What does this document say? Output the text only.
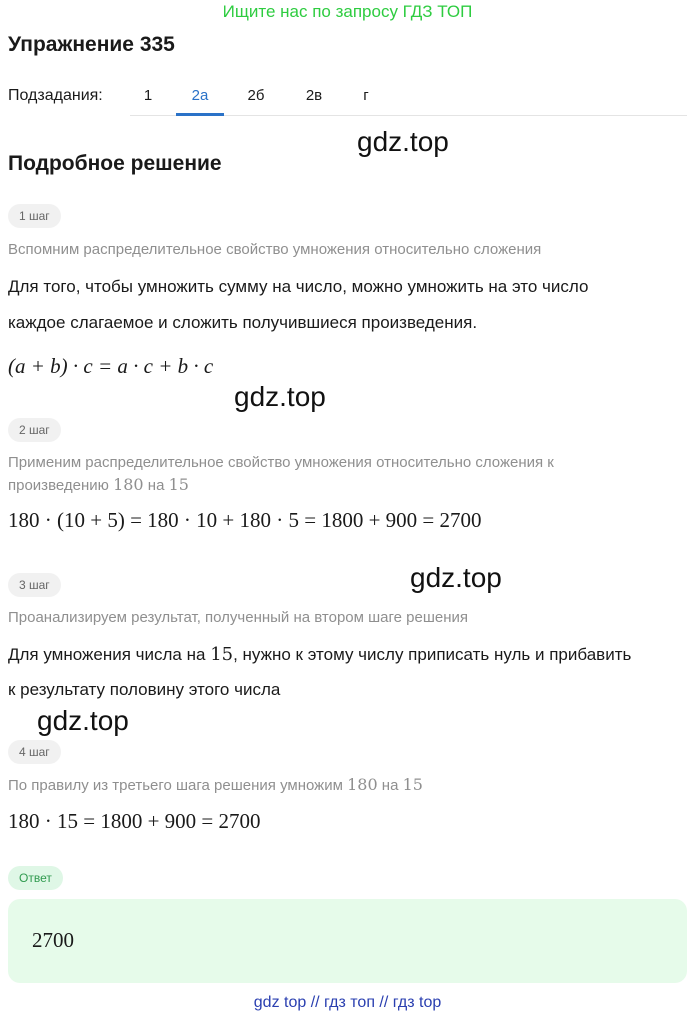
Ищите нас по запросу ГДЗ ТОП
Упражнение 335
Подзадания:	1	2а	2б	2в	г
Подробное решение
gdz.top
gdz.top
gdz.top
gdz.top
1 шаг
Вспомним распределительное свойство умножения относительно сложения
Для того, чтобы умножить сумму на число, можно умножить на это число
каждое слагаемое и сложить получившиеся произведения.
(a + b) · c = a · c + b · c
2 шаг
Применим распределительное свойство умножения относительно сложения к
произведению 180 на 15
180 · (10 + 5) = 180 · 10 + 180 · 5 = 1800 + 900 = 2700
3 шаг
Проанализируем результат, полученный на втором шаге решения
Для умножения числа на 15, нужно к этому числу приписать нуль и прибавить
к результату половину этого числа
4 шаг
По правилу из третьего шага решения умножим 180 на 15
180 · 15 = 1800 + 900 = 2700
Ответ
2700
gdz top // гдз топ // гдз top
